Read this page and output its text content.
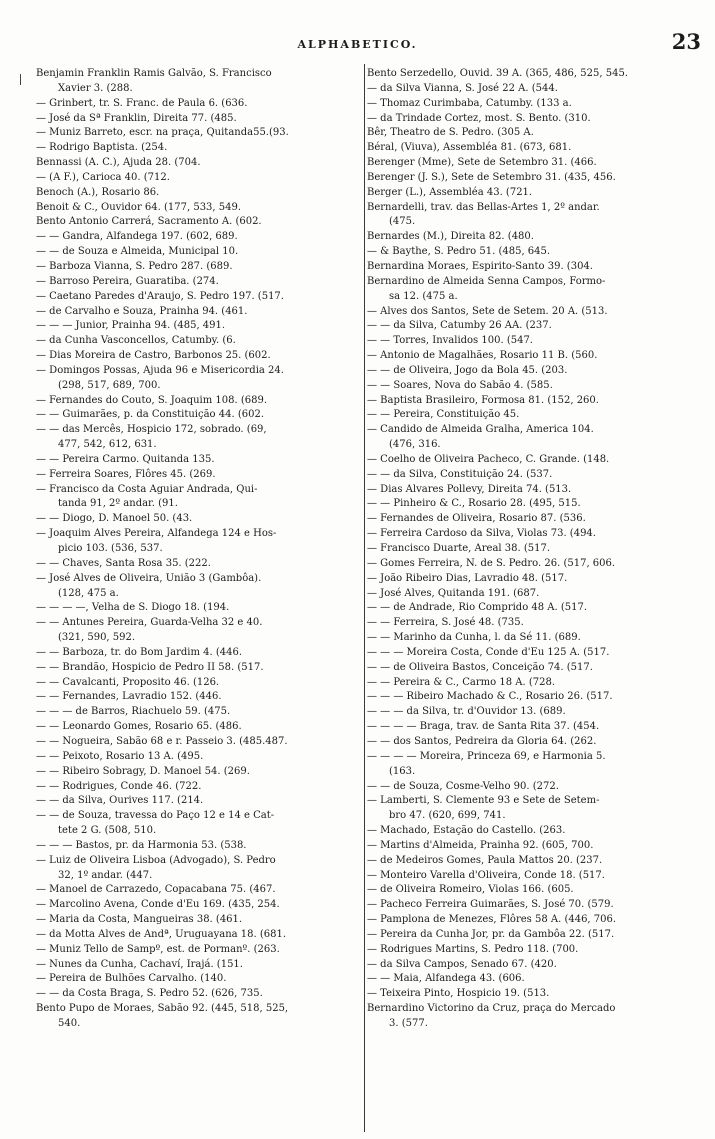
ALPHABETICO.	23
Benjamin Franklin Ramis Galvão, S. Francisco
Xavier 3. (288.
— Grinbert, tr. S. Franc. de Paula 6. (636.
— José da Sª Franklin, Direita 77. (485.
— Muniz Barreto, escr. na praça, Quitanda55.(93.
— Rodrigo Baptista. (254.
Bennassi (A. C.), Ajuda 28. (704.
— (A F.), Carioca 40. (712.
Benoch (A.), Rosario 86.
Benoit & C., Ouvidor 64. (177, 533, 549.
Bento Antonio Carrerá, Sacramento A. (602.
— — Gandra, Alfandega 197. (602, 689.
— — de Souza e Almeida, Municipal 10.
— Barboza Vianna, S. Pedro 287. (689.
— Barroso Pereira, Guaratiba. (274.
— Caetano Paredes d'Araujo, S. Pedro 197. (517.
— de Carvalho e Souza, Prainha 94. (461.
— — — Junior, Prainha 94. (485, 491.
— da Cunha Vasconcellos, Catumby. (6.
— Dias Moreira de Castro, Barbonos 25. (602.
— Domingos Possas, Ajuda 96 e Misericordia 24.
(298, 517, 689, 700.
— Fernandes do Couto, S. Joaquim 108. (689.
— — Guimarães, p. da Constituição 44. (602.
— — das Mercês, Hospicio 172, sobrado. (69,
477, 542, 612, 631.
— — Pereira Carmo. Quitanda 135.
— Ferreira Soares, Flôres 45. (269.
— Francisco da Costa Aguiar Andrada, Qui-
tanda 91, 2º andar. (91.
— — Diogo, D. Manoel 50. (43.
— Joaquim Alves Pereira, Alfandega 124 e Hos-
picio 103. (536, 537.
— — Chaves, Santa Rosa 35. (222.
— José Alves de Oliveira, União 3 (Gambôa).
(128, 475 a.
— — — —, Velha de S. Diogo 18. (194.
— — Antunes Pereira, Guarda-Velha 32 e 40.
(321, 590, 592.
— — Barboza, tr. do Bom Jardim 4. (446.
— — Brandão, Hospicio de Pedro II 58. (517.
— — Cavalcanti, Proposito 46. (126.
— — Fernandes, Lavradio 152. (446.
— — — de Barros, Riachuelo 59. (475.
— — Leonardo Gomes, Rosario 65. (486.
— — Nogueira, Sabão 68 e r. Passeio 3. (485.487.
— — Peixoto, Rosario 13 A. (495.
— — Ribeiro Sobragy, D. Manoel 54. (269.
— — Rodrigues, Conde 46. (722.
— — da Silva, Ourives 117. (214.
— — de Souza, travessa do Paço 12 e 14 e Cat-
tete 2 G. (508, 510.
— — — Bastos, pr. da Harmonia 53. (538.
— Luiz de Oliveira Lisboa (Advogado), S. Pedro
32, 1º andar. (447.
— Manoel de Carrazedo, Copacabana 75. (467.
— Marcolino Avena, Conde d'Eu 169. (435, 254.
— Maria da Costa, Mangueiras 38. (461.
— da Motta Alves de Andª, Uruguayana 18. (681.
— Muniz Tello de Sampº, est. de Pormanº. (263.
— Nunes da Cunha, Cachaví, Irajá. (151.
— Pereira de Bulhões Carvalho. (140.
— — da Costa Braga, S. Pedro 52. (626, 735.
Bento Pupo de Moraes, Sabão 92. (445, 518, 525,
540.
Bento Serzedello, Ouvid. 39 A. (365, 486, 525, 545.
— da Silva Vianna, S. José 22 A. (544.
— Thomaz Curimbaba, Catumby. (133 a.
— da Trindade Cortez, most. S. Bento. (310.
Bêr, Theatro de S. Pedro. (305 A.
Béral, (Viuva), Assembléa 81. (673, 681.
Berenger (Mme), Sete de Setembro 31. (466.
Berenger (J. S.), Sete de Setembro 31. (435, 456.
Berger (L.), Assembléa 43. (721.
Bernardelli, trav. das Bellas-Artes 1, 2º andar.
(475.
Bernardes (M.), Direita 82. (480.
— & Baythe, S. Pedro 51. (485, 645.
Bernardina Moraes, Espirito-Santo 39. (304.
Bernardino de Almeida Senna Campos, Formo-
sa 12. (475 a.
— Alves dos Santos, Sete de Setem. 20 A. (513.
— — da Silva, Catumby 26 AA. (237.
— — Torres, Invalidos 100. (547.
— Antonio de Magalhães, Rosario 11 B. (560.
— — de Oliveira, Jogo da Bola 45. (203.
— — Soares, Nova do Sabão 4. (585.
— Baptista Brasileiro, Formosa 81. (152, 260.
— — Pereira, Constituição 45.
— Candido de Almeida Gralha, America 104.
(476, 316.
— Coelho de Oliveira Pacheco, C. Grande. (148.
— — da Silva, Constituição 24. (537.
— Dias Alvares Pollevy, Direita 74. (513.
— — Pinheiro & C., Rosario 28. (495, 515.
— Fernandes de Oliveira, Rosario 87. (536.
— Ferreira Cardoso da Silva, Violas 73. (494.
— Francisco Duarte, Areal 38. (517.
— Gomes Ferreira, N. de S. Pedro. 26. (517, 606.
— João Ribeiro Dias, Lavradio 48. (517.
— José Alves, Quitanda 191. (687.
— — de Andrade, Rio Comprido 48 A. (517.
— — Ferreira, S. José 48. (735.
— — Marinho da Cunha, l. da Sé 11. (689.
— — — Moreira Costa, Conde d'Eu 125 A. (517.
— — de Oliveira Bastos, Conceição 74. (517.
— — Pereira & C., Carmo 18 A. (728.
— — — Ribeiro Machado & C., Rosario 26. (517.
— — — da Silva, tr. d'Ouvidor 13. (689.
— — — — Braga, trav. de Santa Rita 37. (454.
— — dos Santos, Pedreira da Gloria 64. (262.
— — — — Moreira, Princeza 69, e Harmonia 5.
(163.
— — de Souza, Cosme-Velho 90. (272.
— Lamberti, S. Clemente 93 e Sete de Setem-
bro 47. (620, 699, 741.
— Machado, Estação do Castello. (263.
— Martins d'Almeida, Prainha 92. (605, 700.
— de Medeiros Gomes, Paula Mattos 20. (237.
— Monteiro Varella d'Oliveira, Conde 18. (517.
— de Oliveira Romeiro, Violas 166. (605.
— Pacheco Ferreira Guimarães, S. José 70. (579.
— Pamplona de Menezes, Flôres 58 A. (446, 706.
— Pereira da Cunha Jor, pr. da Gambôa 22. (517.
— Rodrigues Martins, S. Pedro 118. (700.
— da Silva Campos, Senado 67. (420.
— — Maia, Alfandega 43. (606.
— Teixeira Pinto, Hospicio 19. (513.
Bernardino Victorino da Cruz, praça do Mercado
3. (577.
